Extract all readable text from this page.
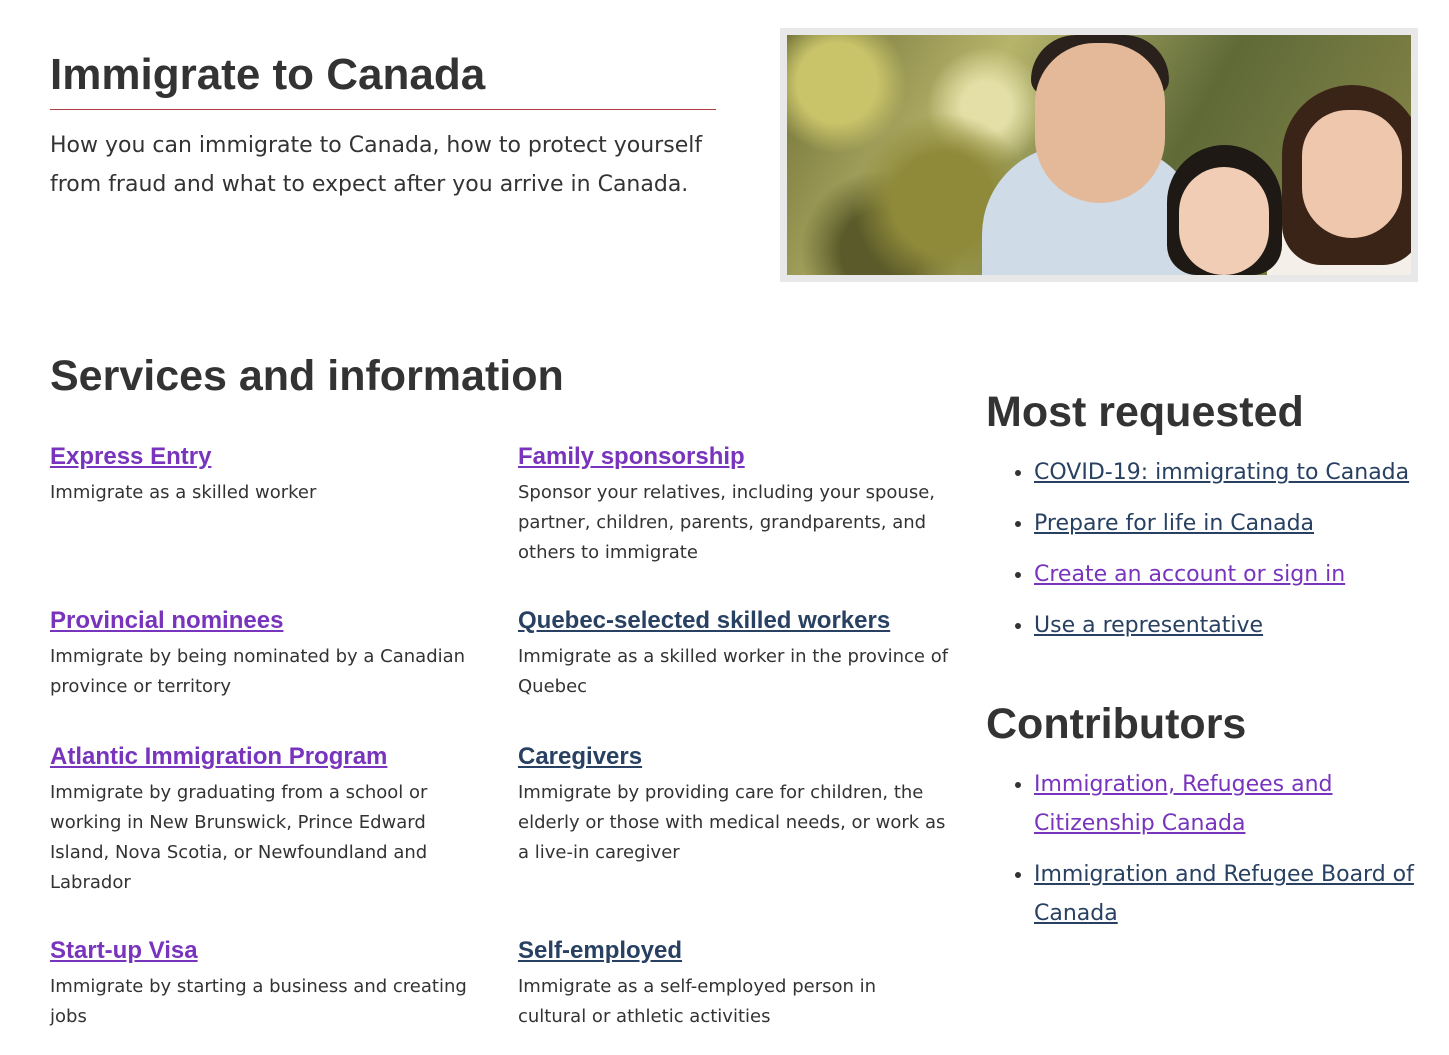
Immigrate to Canada

How you can immigrate to Canada, how to protect yourself from fraud and what to expect after you arrive in Canada.

Services and information
Express Entry

Immigrate as a skilled worker

Family sponsorship

Sponsor your relatives, including your spouse, partner, children, parents, grandparents, and others to immigrate

Provincial nominees

Immigrate by being nominated by a Canadian province or territory

Quebec-selected skilled workers

Immigrate as a skilled worker in the province of Quebec

Atlantic Immigration Program

Immigrate by graduating from a school or working in New Brunswick, Prince Edward Island, Nova Scotia, or Newfoundland and Labrador

Caregivers

Immigrate by providing care for children, the elderly or those with medical needs, or work as a live-in caregiver

Start-up Visa

Immigrate by starting a business and creating jobs

Self-employed

Immigrate as a self-employed person in cultural or athletic activities

Most requested
• COVID-19: immigrating to Canada
• Prepare for life in Canada
• Create an account or sign in
• Use a representative
Contributors
• Immigration, Refugees and Citizenship Canada
• Immigration and Refugee Board of Canada
